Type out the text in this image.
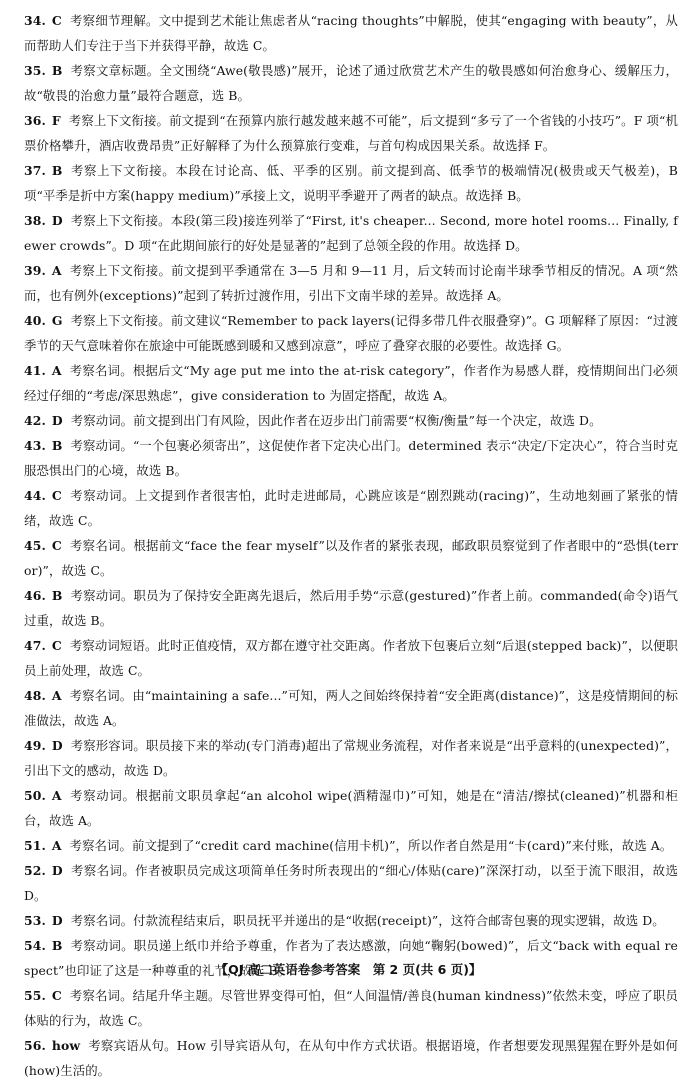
34. C 考察细节理解。文中提到艺术能让焦虑者从“racing thoughts”中解脱，使其“engaging with beauty”，从而帮助人们专注于当下并获得平静，故选 C。

35. B 考察文章标题。全文围绕“Awe(敬畏感)”展开，论述了通过欣赏艺术产生的敬畏感如何治愈身心、缓解压力，故“敬畏的治愈力量”最符合题意，选 B。

36. F 考察上下文衔接。前文提到“在预算内旅行越发越来越不可能”，后文提到“多亏了一个省钱的小技巧”。F 项“机票价格攀升，酒店收费昂贵”正好解释了为什么预算旅行变难，与首句构成因果关系。故选择 F。

37. B 考察上下文衔接。本段在讨论高、低、平季的区别。前文提到高、低季节的极端情况(极贵或天气极差)，B 项“平季是折中方案(happy medium)”承接上文，说明平季避开了两者的缺点。故选择 B。

38. D 考察上下文衔接。本段(第三段)接连列举了“First, it's cheaper... Second, more hotel rooms... Finally, fewer crowds”。D 项“在此期间旅行的好处是显著的”起到了总领全段的作用。故选择 D。

39. A 考察上下文衔接。前文提到平季通常在 3—5 月和 9—11 月，后文转而讨论南半球季节相反的情况。A 项“然而，也有例外(exceptions)”起到了转折过渡作用，引出下文南半球的差异。故选择 A。

40. G 考察上下文衔接。前文建议“Remember to pack layers(记得多带几件衣服叠穿)”。G 项解释了原因：“过渡季节的天气意味着你在旅途中可能既感到暖和又感到凉意”，呼应了叠穿衣服的必要性。故选择 G。

41. A 考察名词。根据后文“My age put me into the at-risk category”，作者作为易感人群，疫情期间出门必须经过仔细的“考虑/深思熟虑”，give consideration to 为固定搭配，故选 A。

42. D 考察动词。前文提到出门有风险，因此作者在迈步出门前需要“权衡/衡量”每一个决定，故选 D。

43. B 考察动词。“一个包裹必须寄出”，这促使作者下定决心出门。determined 表示“决定/下定决心”，符合当时克服恐惧出门的心境，故选 B。

44. C 考察动词。上文提到作者很害怕，此时走进邮局，心跳应该是“剧烈跳动(racing)”，生动地刻画了紧张的情绪，故选 C。

45. C 考察名词。根据前文“face the fear myself”以及作者的紧张表现，邮政职员察觉到了作者眼中的“恐惧(terror)”，故选 C。

46. B 考察动词。职员为了保持安全距离先退后，然后用手势“示意(gestured)”作者上前。commanded(命令)语气过重，故选 B。

47. C 考察动词短语。此时正值疫情，双方都在遵守社交距离。作者放下包裹后立刻“后退(stepped back)”，以便职员上前处理，故选 C。

48. A 考察名词。由“maintaining a safe...”可知，两人之间始终保持着“安全距离(distance)”，这是疫情期间的标准做法，故选 A。

49. D 考察形容词。职员接下来的举动(专门消毒)超出了常规业务流程，对作者来说是“出乎意料的(unexpected)”，引出下文的感动，故选 D。

50. A 考察动词。根据前文职员拿起“an alcohol wipe(酒精湿巾)”可知，她是在“清洁/擦拭(cleaned)”机器和柜台，故选 A。

51. A 考察名词。前文提到了“credit card machine(信用卡机)”，所以作者自然是用“卡(card)”来付账，故选 A。

52. D 考察名词。作者被职员完成这项简单任务时所表现出的“细心/体贴(care)”深深打动，以至于流下眼泪，故选 D。

53. D 考察名词。付款流程结束后，职员抚平并递出的是“收据(receipt)”，这符合邮寄包裹的现实逻辑，故选 D。

54. B 考察动词。职员递上纸巾并给予尊重，作者为了表达感激，向她“鞠躬(bowed)”，后文“back with equal respect”也印证了这是一种尊重的礼节，故选 B。

55. C 考察名词。结尾升华主题。尽管世界变得可怕，但“人间温情/善良(human kindness)”依然未变，呼应了职员体贴的行为，故选 C。

56. how 考察宾语从句。How 引导宾语从句，在从句中作方式状语。根据语境，作者想要发现黑猩猩在野外是如何(how)生活的。

【QJ 高二英语卷参考答案　第 2 页(共 6 页)】
